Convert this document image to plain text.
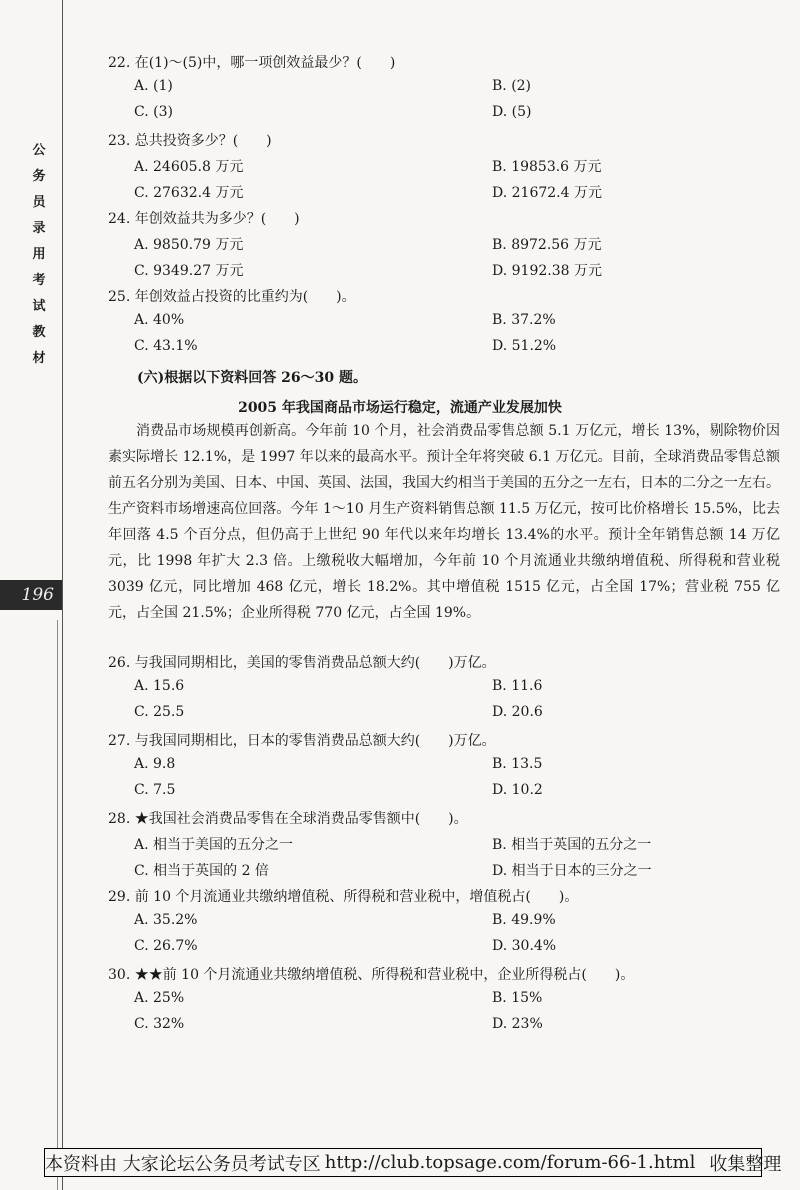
公务员录用考试教材
196
22. 在(1)～(5)中，哪一项创效益最少？(　　)
A. (1)	B. (2)
C. (3)	D. (5)
23. 总共投资多少？(　　)
A. 24605.8 万元	B. 19853.6 万元
C. 27632.4 万元	D. 21672.4 万元
24. 年创效益共为多少？(　　)
A. 9850.79 万元	B. 8972.56 万元
C. 9349.27 万元	D. 9192.38 万元
25. 年创效益占投资的比重约为(　　)。
A. 40%	B. 37.2%
C. 43.1%	D. 51.2%
(六)根据以下资料回答 26～30 题。
2005 年我国商品市场运行稳定，流通产业发展加快
消费品市场规模再创新高。今年前 10 个月，社会消费品零售总额 5.1 万亿元，增长 13%，剔除物价因素实际增长 12.1%，是 1997 年以来的最高水平。预计全年将突破 6.1 万亿元。目前，全球消费品零售总额前五名分别为美国、日本、中国、英国、法国，我国大约相当于美国的五分之一左右，日本的二分之一左右。生产资料市场增速高位回落。今年 1～10 月生产资料销售总额 11.5 万亿元，按可比价格增长 15.5%，比去年回落 4.5 个百分点，但仍高于上世纪 90 年代以来年均增长 13.4%的水平。预计全年销售总额 14 万亿元，比 1998 年扩大 2.3 倍。上缴税收大幅增加，今年前 10 个月流通业共缴纳增值税、所得税和营业税 3039 亿元，同比增加 468 亿元，增长 18.2%。其中增值税 1515 亿元，占全国 17%；营业税 755 亿元，占全国 21.5%；企业所得税 770 亿元，占全国 19%。
26. 与我国同期相比，美国的零售消费品总额大约(　　)万亿。
A. 15.6	B. 11.6
C. 25.5	D. 20.6
27. 与我国同期相比，日本的零售消费品总额大约(　　)万亿。
A. 9.8	B. 13.5
C. 7.5	D. 10.2
28. ★我国社会消费品零售在全球消费品零售额中(　　)。
A. 相当于美国的五分之一	B. 相当于英国的五分之一
C. 相当于英国的 2 倍	D. 相当于日本的三分之一
29. 前 10 个月流通业共缴纳增值税、所得税和营业税中，增值税占(　　)。
A. 35.2%	B. 49.9%
C. 26.7%	D. 30.4%
30. ★★前 10 个月流通业共缴纳增值税、所得税和营业税中，企业所得税占(　　)。
A. 25%	B. 15%
C. 32%	D. 23%
本资料由 大家论坛公务员考试专区 http://club.topsage.com/forum-66-1.html 收集整理
